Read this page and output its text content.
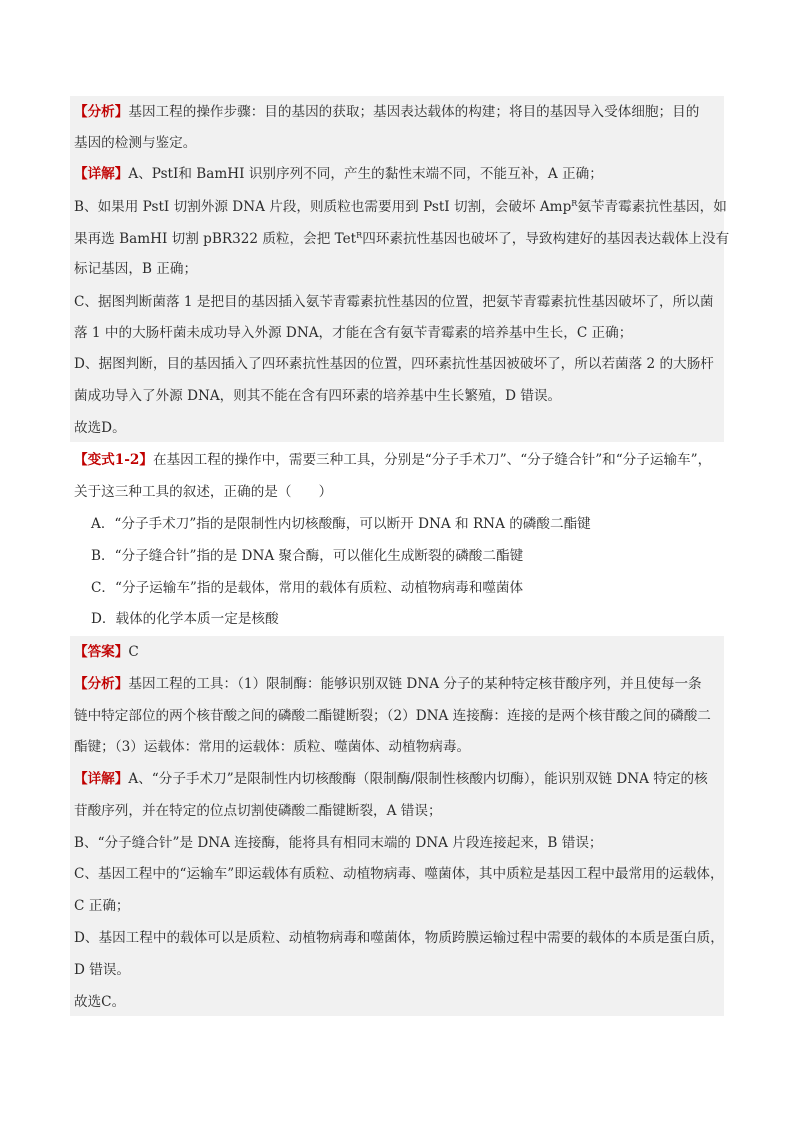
【分析】基因工程的操作步骤：目的基因的获取；基因表达载体的构建；将目的基因导入受体细胞；目的
基因的检测与鉴定。
【详解】A、PstI和 BamHI 识别序列不同，产生的黏性末端不同，不能互补，A 正确；
B、如果用 PstI 切割外源 DNA 片段，则质粒也需要用到 PstI 切割，会破坏 Amp$^R$氨苄青霉素抗性基因，如
果再选 BamHI 切割 pBR322 质粒，会把 Tet$^R$四环素抗性基因也破坏了，导致构建好的基因表达载体上没有
标记基因，B 正确；
C、据图判断菌落 1 是把目的基因插入氨苄青霉素抗性基因的位置，把氨苄青霉素抗性基因破坏了，所以菌
落 1 中的大肠杆菌未成功导入外源 DNA，才能在含有氨苄青霉素的培养基中生长，C 正确；
D、据图判断，目的基因插入了四环素抗性基因的位置，四环素抗性基因被破坏了，所以若菌落 2 的大肠杆
菌成功导入了外源 DNA，则其不能在含有四环素的培养基中生长繁殖，D 错误。
故选D。
【变式1-2】在基因工程的操作中，需要三种工具，分别是“分子手术刀”、“分子缝合针”和“分子运输车”，
关于这三种工具的叙述，正确的是（　　）
A．“分子手术刀”指的是限制性内切核酸酶，可以断开 DNA 和 RNA 的磷酸二酯键
B．“分子缝合针”指的是 DNA 聚合酶，可以催化生成断裂的磷酸二酯键
C．“分子运输车”指的是载体，常用的载体有质粒、动植物病毒和噬菌体
D．载体的化学本质一定是核酸
【答案】C
【分析】基因工程的工具：（1）限制酶：能够识别双链 DNA 分子的某种特定核苷酸序列，并且使每一条
链中特定部位的两个核苷酸之间的磷酸二酯键断裂；（2）DNA 连接酶：连接的是两个核苷酸之间的磷酸二
酯键；（3）运载体：常用的运载体：质粒、噬菌体、动植物病毒。
【详解】A、“分子手术刀”是限制性内切核酸酶（限制酶/限制性核酸内切酶），能识别双链 DNA 特定的核
苷酸序列，并在特定的位点切割使磷酸二酯键断裂，A 错误；
B、“分子缝合针”是 DNA 连接酶，能将具有相同末端的 DNA 片段连接起来，B 错误；
C、基因工程中的“运输车”即运载体有质粒、动植物病毒、噬菌体，其中质粒是基因工程中最常用的运载体，
C 正确；
D、基因工程中的载体可以是质粒、动植物病毒和噬菌体，物质跨膜运输过程中需要的载体的本质是蛋白质，
D 错误。
故选C。
